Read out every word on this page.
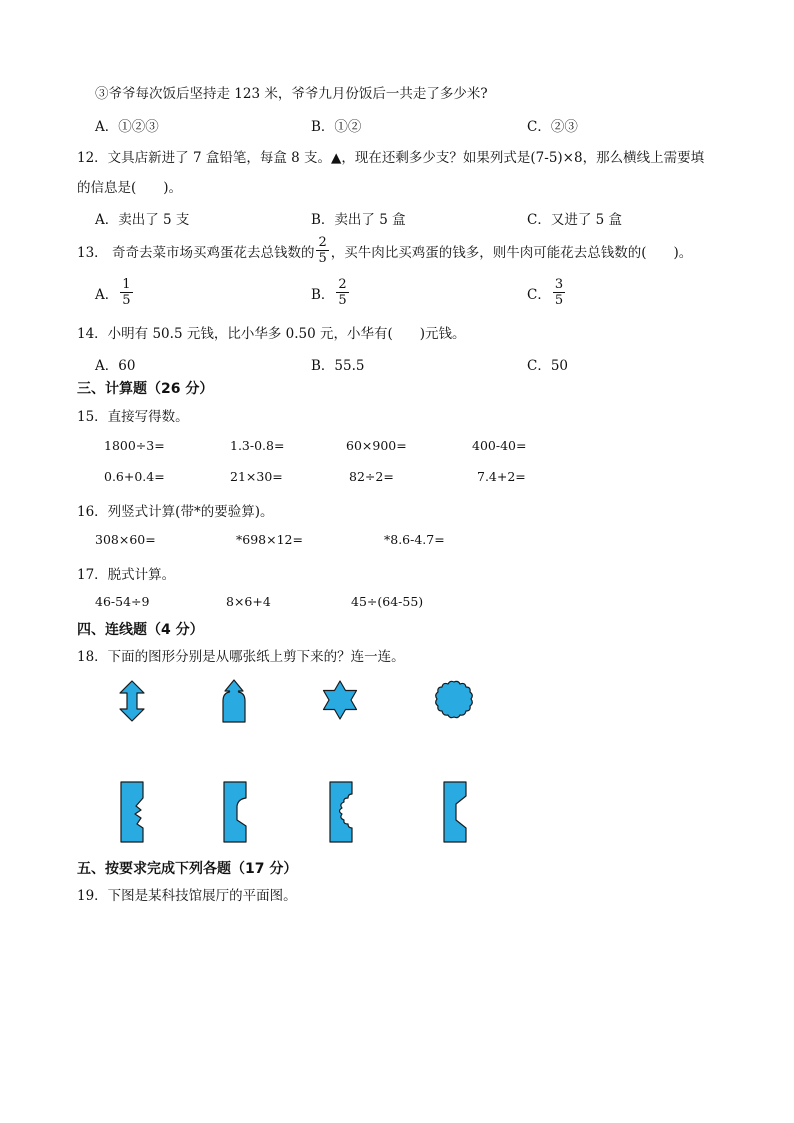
③爷爷每次饭后坚持走 123 米，爷爷九月份饭后一共走了多少米?
A．①②③	B．①②	C．②③
12．文具店新进了 7 盒铅笔，每盒 8 支。▲，现在还剩多少支？如果列式是(7-5)×8，那么横线上需要填
的信息是(　　)。
A．卖出了 5 支	B．卖出了 5 盒	C．又进了 5 盒
13． 奇奇去菜市场买鸡蛋花去总钱数的 $\frac{2}{5}$ ，买牛肉比买鸡蛋的钱多，则牛肉可能花去总钱数的(　　)。
A． $\frac{1}{5}$	B． $\frac{2}{5}$	C． $\frac{3}{5}$
14．小明有 50.5 元钱，比小华多 0.50 元，小华有(　　)元钱。
A．60	B．55.5	C．50
三、计算题（26 分）
15．直接写得数。
1800÷3=	1.3-0.8=	60×900=	400-40=
0.6+0.4=	21×30=	82÷2=	7.4+2=
16．列竖式计算(带*的要验算)。
308×60=	*698×12=	*8.6-4.7=
17．脱式计算。
46-54÷9	8×6+4	45÷(64-55)
四、连线题（4 分）
18．下面的图形分别是从哪张纸上剪下来的？连一连。
五、按要求完成下列各题（17 分）
19．下图是某科技馆展厅的平面图。
